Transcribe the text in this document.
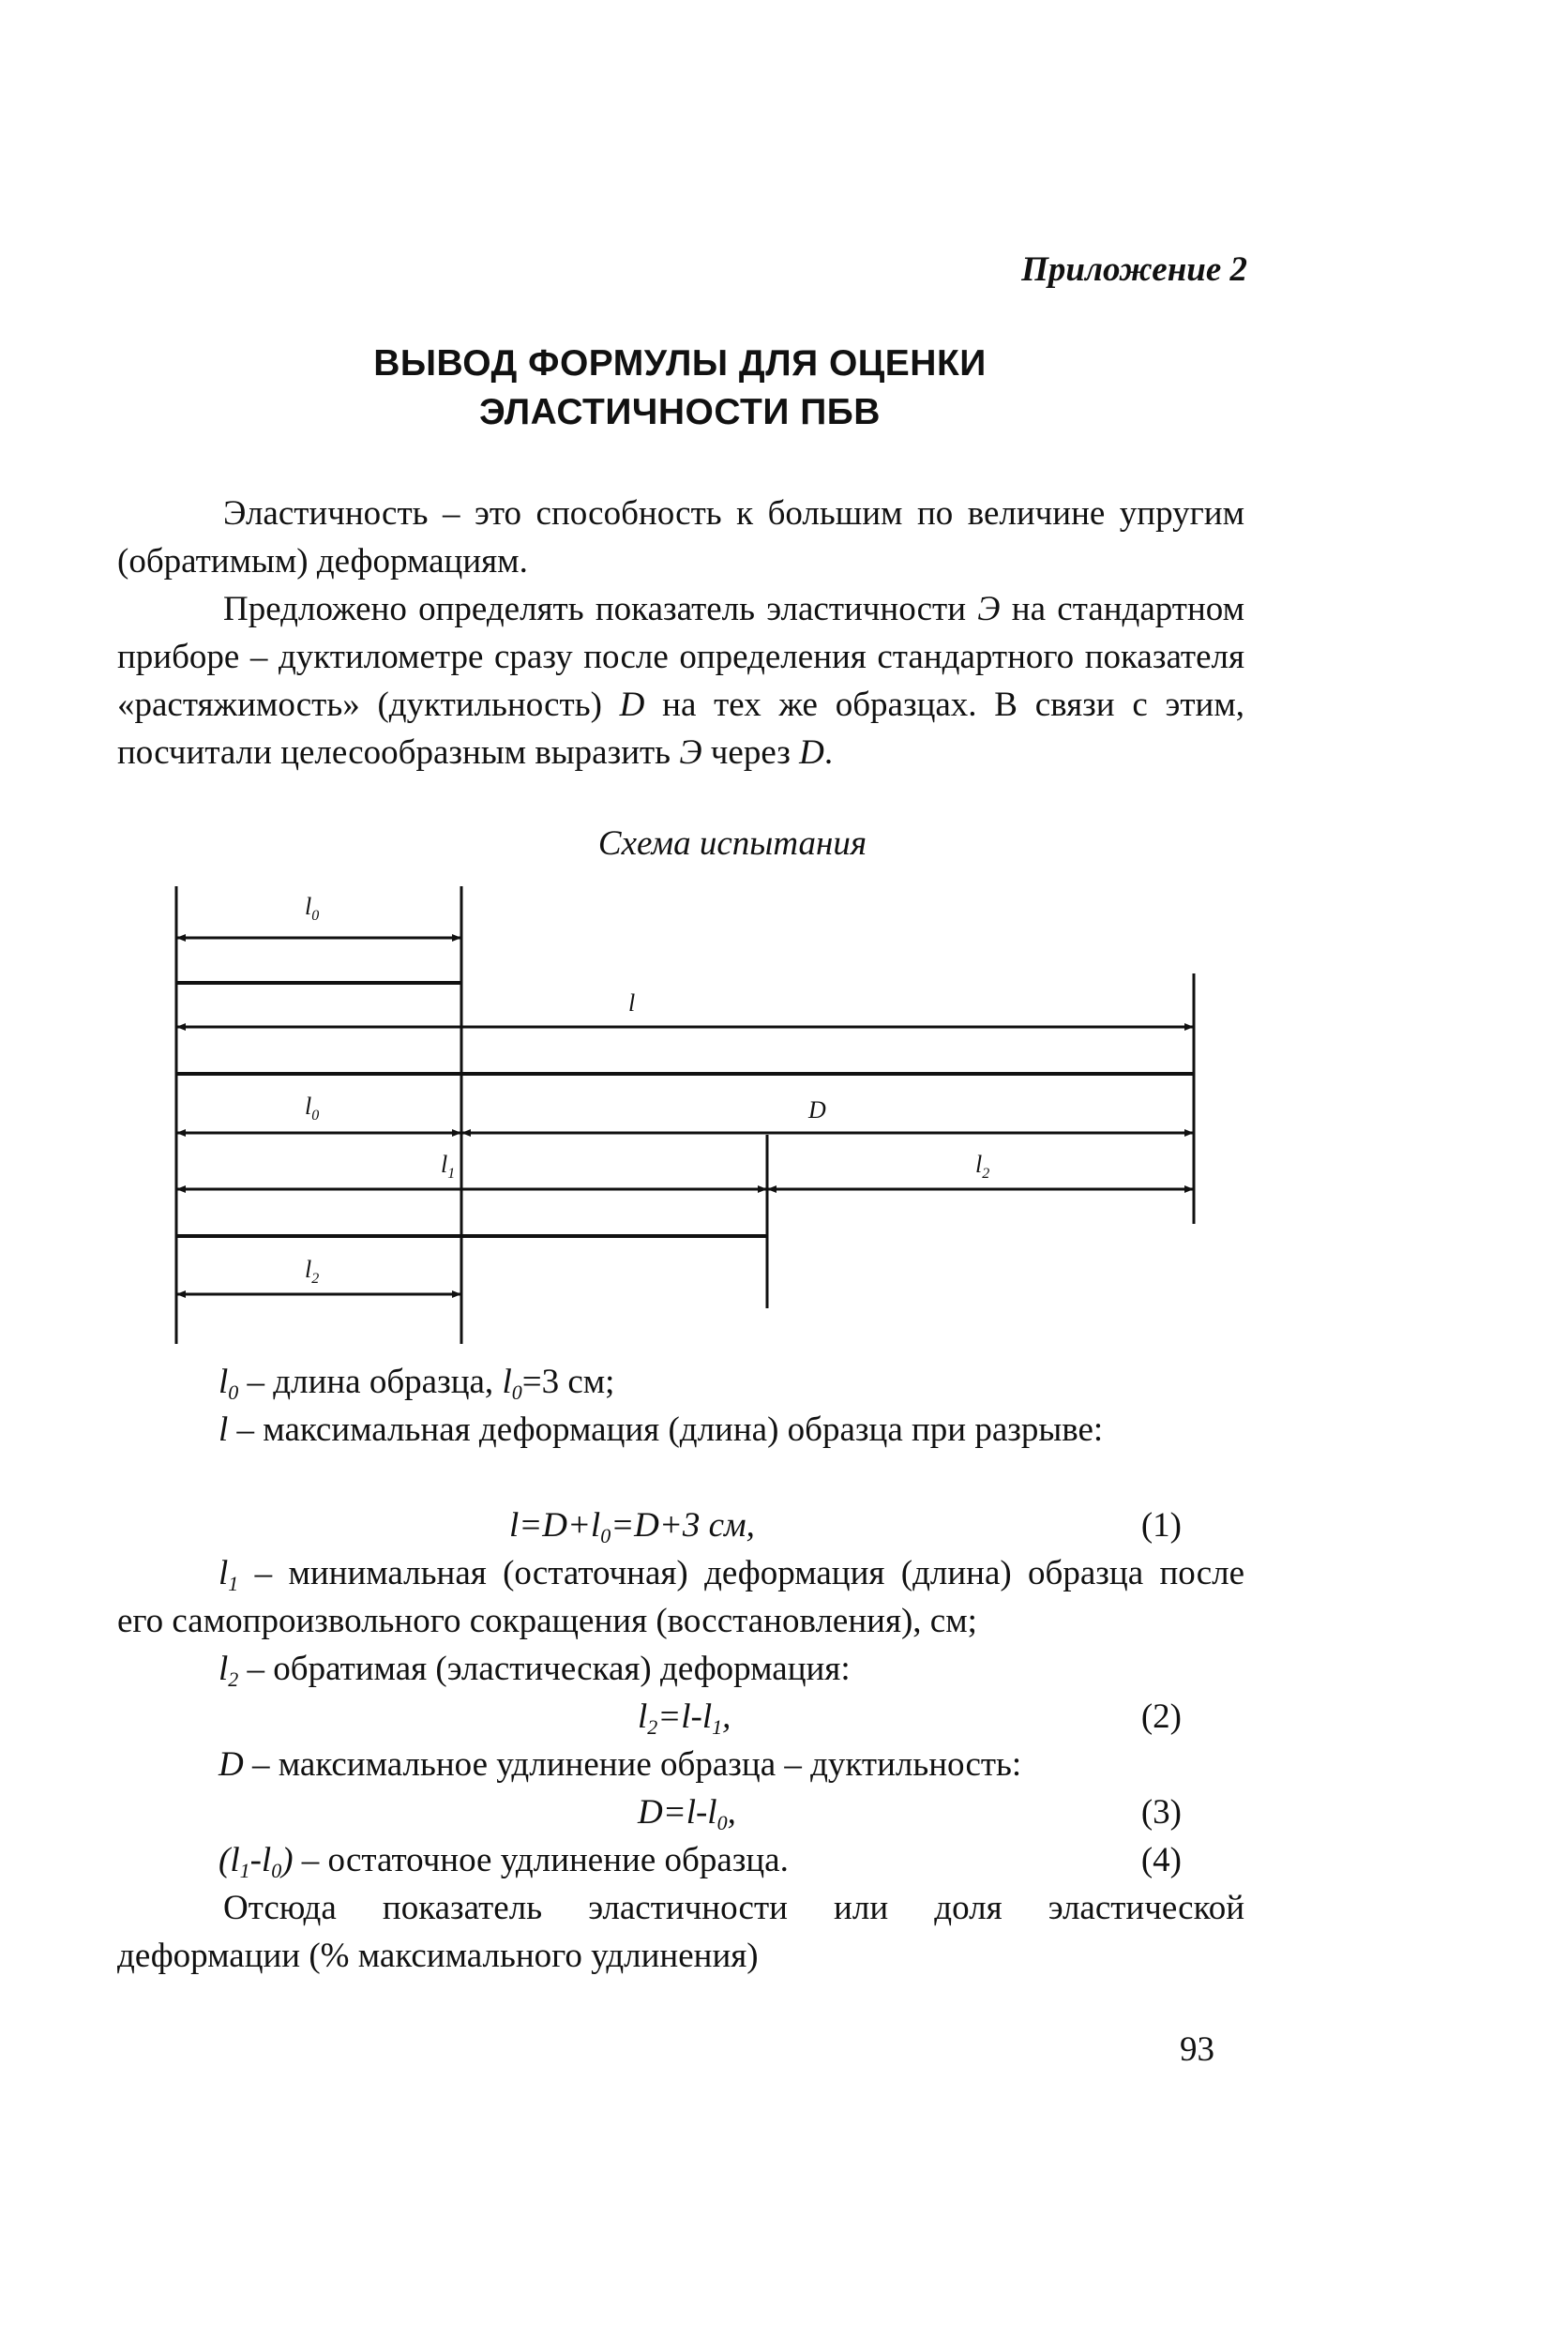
Приложение 2
ВЫВОД ФОРМУЛЫ ДЛЯ ОЦЕНКИ
ЭЛАСТИЧНОСТИ ПБВ
Эластичность – это способность к большим по величине упругим (обратимым) деформациям.
Предложено определять показатель эластичности Э на стандартном приборе – дуктилометре сразу после определения стандартного показателя «растяжимость» (дуктильность) D на тех же образцах. В связи с этим, посчитали целесообразным выразить Э через D.
Схема испытания
$l_0$
l
$l_0$	D
$l_1$	$l_2$
$l_2$
$l_0$ – длина образца, $l_0=3$ см;
l – максимальная деформация (длина) образца при разрыве:
$l=D+l_0=D+3$ см,	(1)
$l_1$ – минимальная (остаточная) деформация (длина) образца после его самопроизвольного сокращения (восстановления), см;
$l_2$ – обратимая (эластическая) деформация:
$l_2=l-l_1$,	(2)
D – максимальное удлинение образца – дуктильность:
$D=l-l_0$,	(3)
$(l_1-l_0)$ – остаточное удлинение образца.	(4)
Отсюда показатель эластичности или доля эластической деформации (% максимального удлинения)
93
